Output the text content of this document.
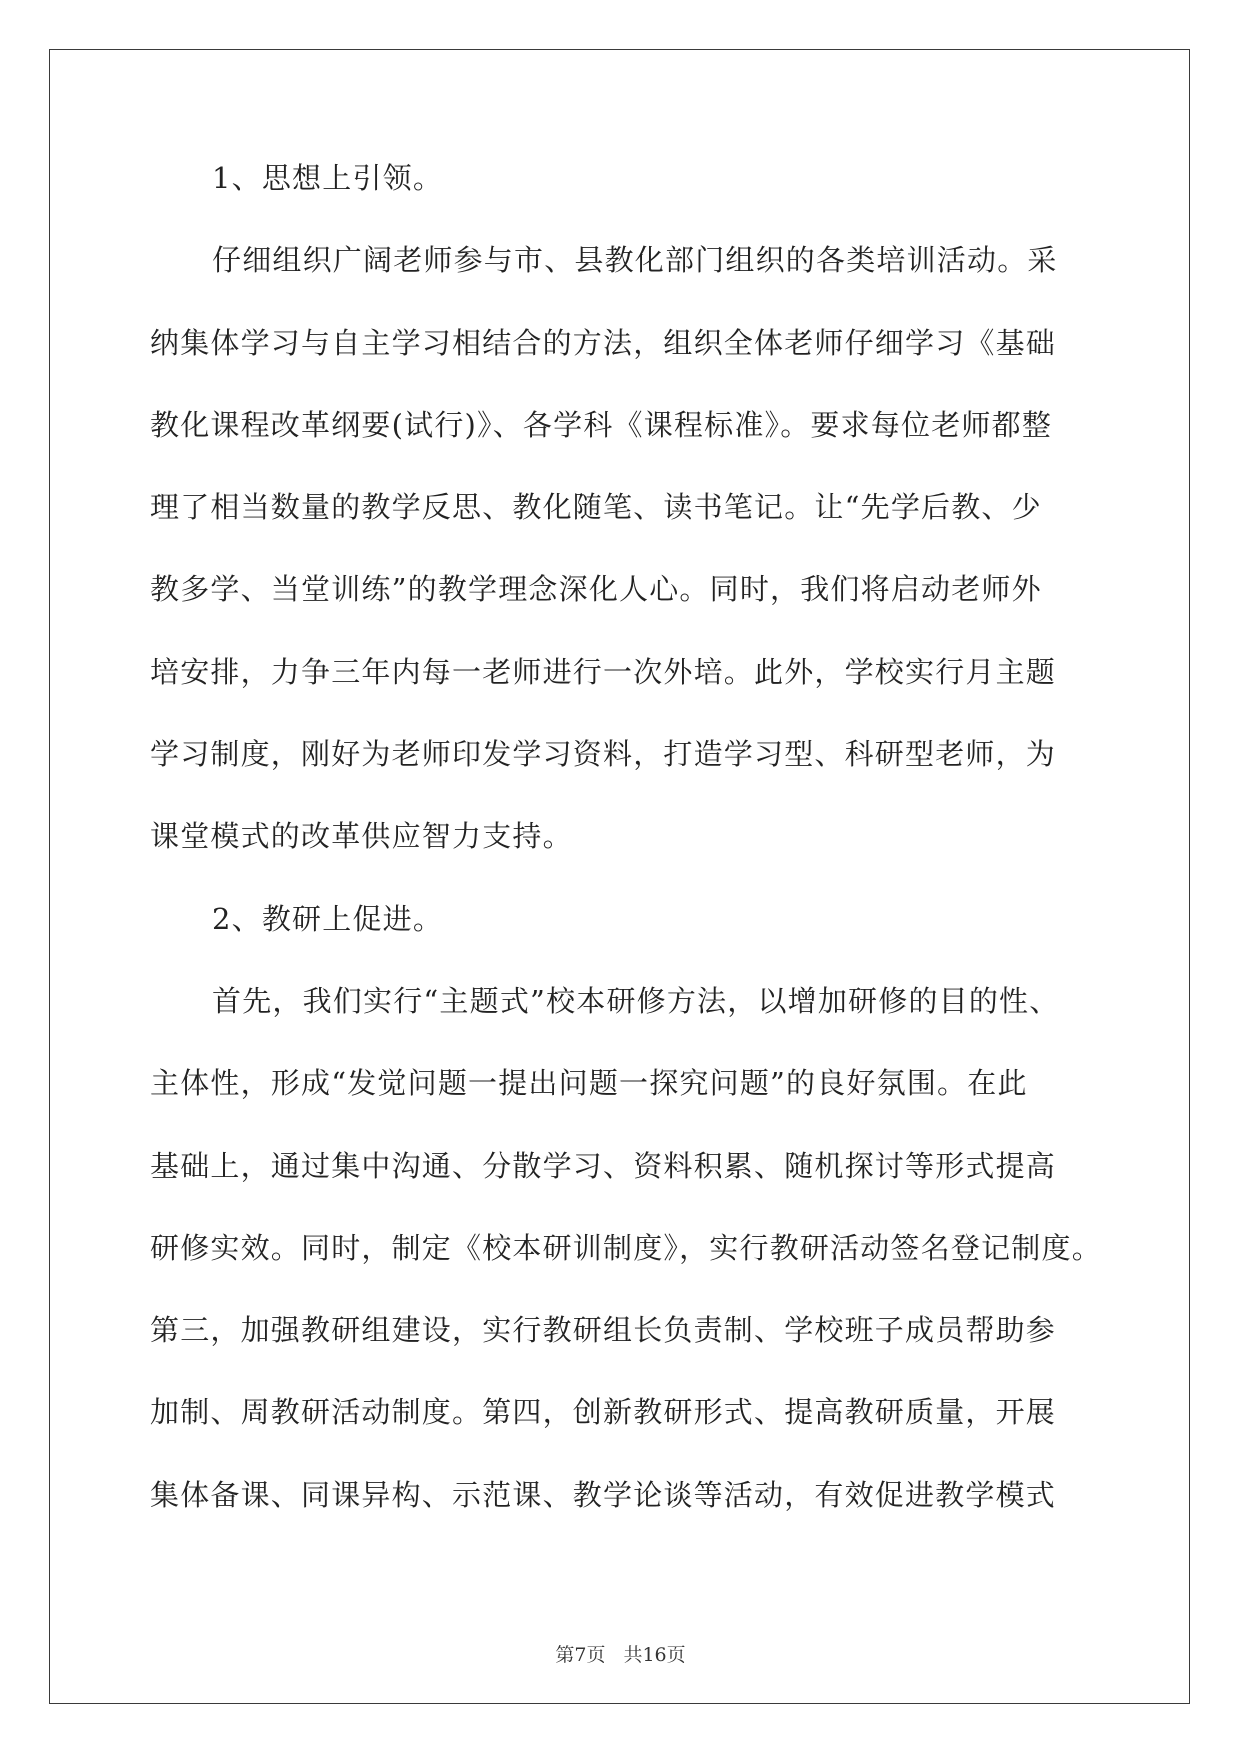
1、思想上引领。
仔细组织广阔老师参与市、县教化部门组织的各类培训活动。采
纳集体学习与自主学习相结合的方法，组织全体老师仔细学习《基础
教化课程改革纲要(试行)》、各学科《课程标准》。要求每位老师都整
理了相当数量的教学反思、教化随笔、读书笔记。让“先学后教、少
教多学、当堂训练”的教学理念深化人心。同时，我们将启动老师外
培安排，力争三年内每一老师进行一次外培。此外，学校实行月主题
学习制度，刚好为老师印发学习资料，打造学习型、科研型老师，为
课堂模式的改革供应智力支持。
2、教研上促进。
首先，我们实行“主题式”校本研修方法，以增加研修的目的性、
主体性，形成“发觉问题一提出问题一探究问题”的良好氛围。在此
基础上，通过集中沟通、分散学习、资料积累、随机探讨等形式提高
研修实效。同时，制定《校本研训制度》，实行教研活动签名登记制度。
第三，加强教研组建设，实行教研组长负责制、学校班子成员帮助参
加制、周教研活动制度。第四，创新教研形式、提高教研质量，开展
集体备课、同课异构、示范课、教学论谈等活动，有效促进教学模式
第7页 共16页
